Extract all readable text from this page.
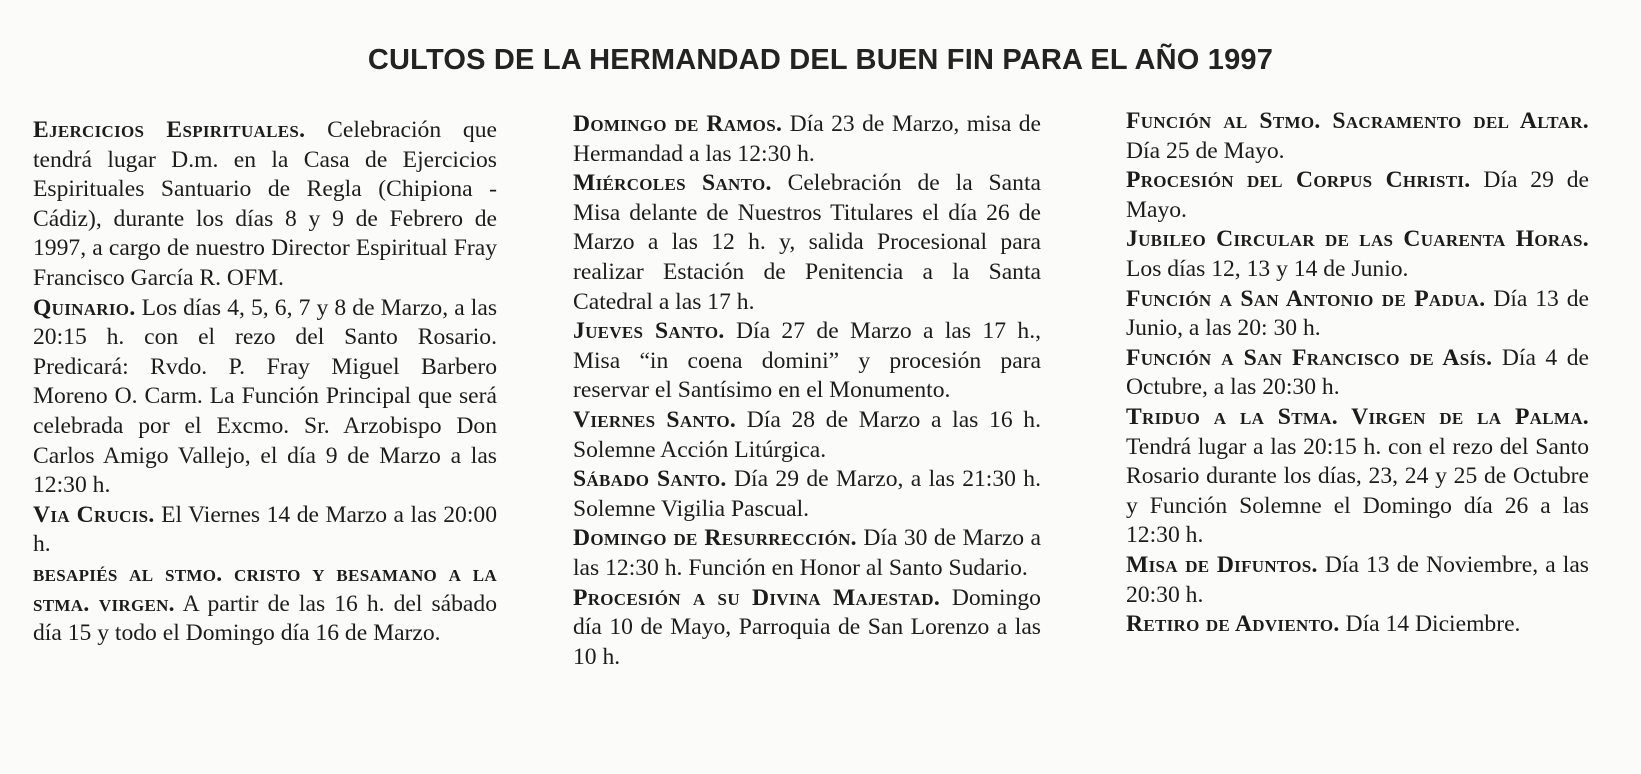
CULTOS DE LA HERMANDAD DEL BUEN FIN PARA EL AÑO 1997

Ejercicios Espirituales. Celebración que tendrá lugar D.m. en la Casa de Ejercicios Espirituales Santuario de Regla (Chipiona -Cádiz), durante los días 8 y 9 de Febrero de 1997, a cargo de nuestro Director Espiritual Fray Francisco García R. OFM.

Quinario. Los días 4, 5, 6, 7 y 8 de Marzo, a las 20:15 h. con el rezo del Santo Rosario. Predicará: Rvdo. P. Fray Miguel Barbero Moreno O. Carm. La Función Principal que será celebrada por el Excmo. Sr. Arzobispo Don Carlos Amigo Vallejo, el día 9 de Marzo a las 12:30 h.

Via Crucis. El Viernes 14 de Marzo a las 20:00 h.

besapiés al stmo. cristo y besamano a la stma. virgen. A partir de las 16 h. del sábado día 15 y todo el Domingo día 16 de Marzo.

Domingo de Ramos. Día 23 de Marzo, misa de Hermandad a las 12:30 h.

Miércoles Santo. Celebración de la Santa Misa delante de Nuestros Titulares el día 26 de Marzo a las 12 h. y, salida Procesional para realizar Estación de Penitencia a la Santa Catedral a las 17 h.

Jueves Santo. Día 27 de Marzo a las 17 h., Misa “in coena domini” y procesión para reservar el Santísimo en el Monumento.

Viernes Santo. Día 28 de Marzo a las 16 h. Solemne Acción Litúrgica.

Sábado Santo. Día 29 de Marzo, a las 21:30 h. Solemne Vigilia Pascual.

Domingo de Resurrección. Día 30 de Marzo a las 12:30 h. Función en Honor al Santo Sudario.

Procesión a su Divina Majestad. Domingo día 10 de Mayo, Parroquia de San Lorenzo a las 10 h.

Función al Stmo. Sacramento del Altar. Día 25 de Mayo.

Procesión del Corpus Christi. Día 29 de Mayo.

Jubileo Circular de las Cuarenta Horas. Los días 12, 13 y 14 de Junio.

Función a San Antonio de Padua. Día 13 de Junio, a las 20: 30 h.

Función a San Francisco de Asís. Día 4 de Octubre, a las 20:30 h.

Triduo a la Stma. Virgen de la Palma. Tendrá lugar a las 20:15 h. con el rezo del Santo Rosario durante los días, 23, 24 y 25 de Octubre y Función Solemne el Domingo día 26 a las 12:30 h.

Misa de Difuntos. Día 13 de Noviembre, a las 20:30 h.

Retiro de Adviento. Día 14 Diciembre.
